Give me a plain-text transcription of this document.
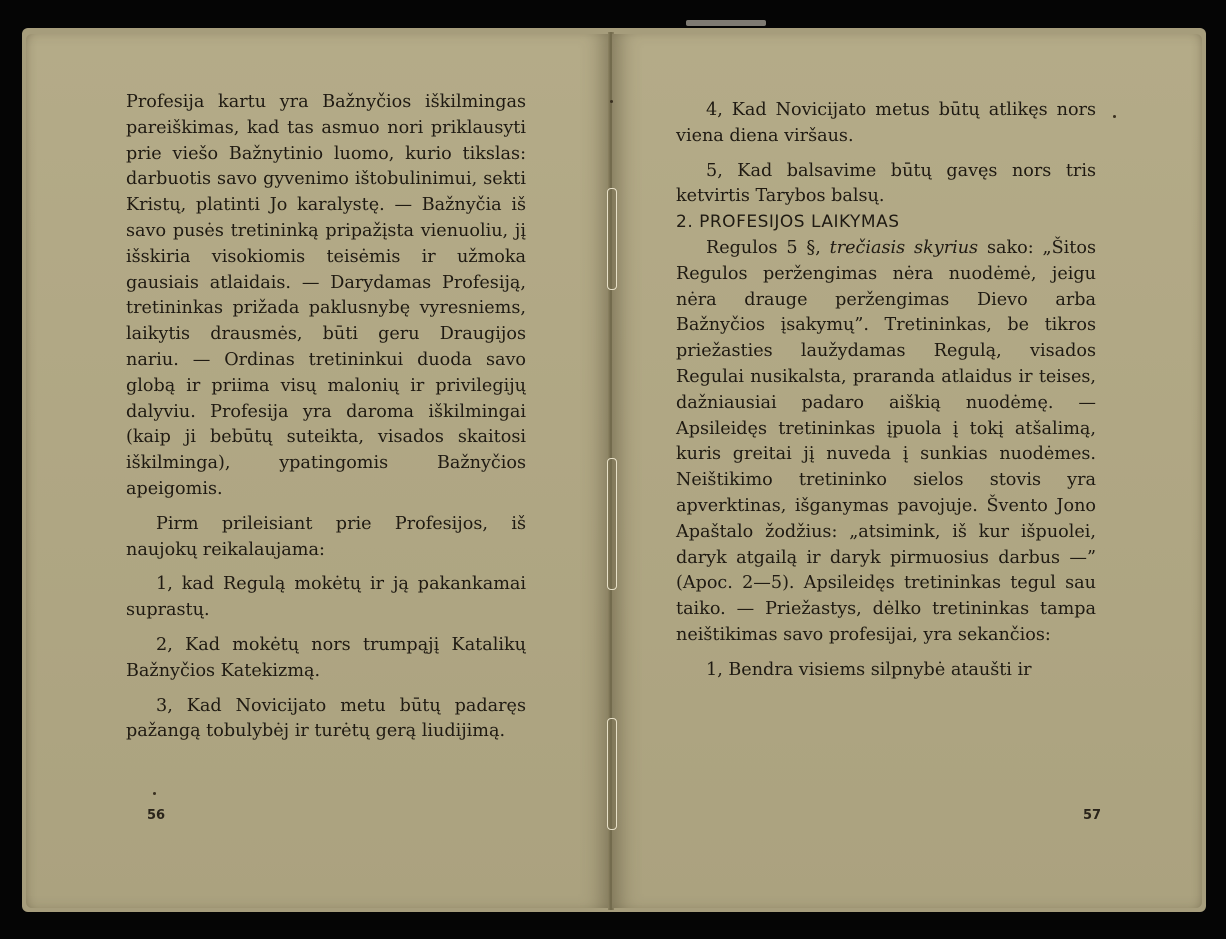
Profesija kartu yra Bažnyčios iškilmingas pareiškimas, kad tas asmuo nori priklausyti prie viešo Bažnytinio luomo, kurio tikslas: darbuotis savo gyvenimo ištobulinimui, sekti Kristų, platinti Jo karalystę. — Bažnyčia iš savo pusės tretininką pripažįsta vienuoliu, jį išskiria visokiomis teisėmis ir užmoka gausiais atlaidais. — Darydamas Profesiją, tretininkas prižada paklusnybę vyresniems, laikytis drausmės, būti geru Draugijos nariu. — Ordinas tretininkui duoda savo globą ir priima visų malonių ir privilegijų dalyviu. Profesija yra daroma iškilmingai (kaip ji bebūtų suteikta, visados skaitosi iškilminga), ypatingomis Bažnyčios apeigomis.

Pirm prileisiant prie Profesijos, iš naujokų reikalaujama:

1, kad Regulą mokėtų ir ją pakankamai suprastų.

2, Kad mokėtų nors trumpąjį Katalikų Bažnyčios Katekizmą.

3, Kad Novicijato metu būtų padaręs pažangą tobulybėj ir turėtų gerą liudijimą.

56

4, Kad Novicijato metus būtų atlikęs nors viena diena viršaus.

5, Kad balsavime būtų gavęs nors tris ketvirtis Tarybos balsų.

2. PROFESIJOS LAIKYMAS

Regulos 5 §, trečiasis skyrius sako: „Šitos Regulos peržengimas nėra nuodėmė, jeigu nėra drauge peržengimas Dievo arba Bažnyčios įsakymų”. Tretininkas, be tikros priežasties laužydamas Regulą, visados Regulai nusikalsta, praranda atlaidus ir teises, dažniausiai padaro aiškią nuodėmę. — Apsileidęs tretininkas įpuola į tokį atšalimą, kuris greitai jį nuveda į sunkias nuodėmes. Neištikimo tretininko sielos stovis yra apverktinas, išganymas pavojuje. Švento Jono Apaštalo žodžius: „atsimink, iš kur išpuolei, daryk atgailą ir daryk pirmuosius darbus —” (Apoc. 2—5). Apsileidęs tretininkas tegul sau taiko. — Priežastys, dėlko tretininkas tampa neištikimas savo profesijai, yra sekančios:

1, Bendra visiems silpnybė ataušti ir

57
